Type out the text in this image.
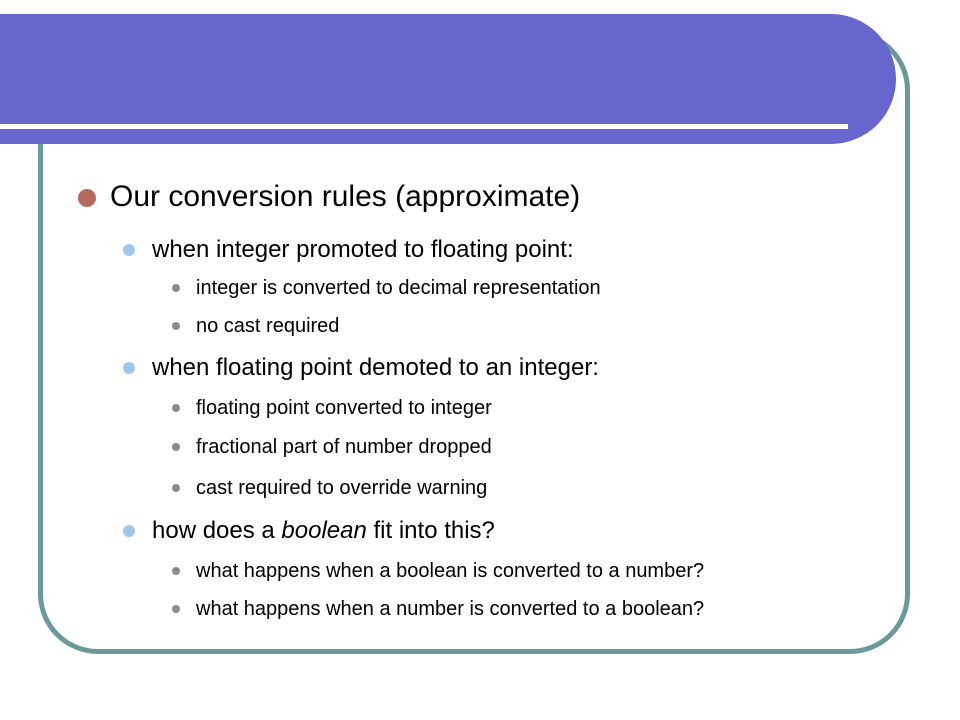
Our conversion rules (approximate)
when integer promoted to floating point:
integer is converted to decimal representation
no cast required
when floating point demoted to an integer:
floating point converted to integer
fractional part of number dropped
cast required to override warning
how does a boolean fit into this?
what happens when a boolean is converted to a number?
what happens when a number is converted to a boolean?
